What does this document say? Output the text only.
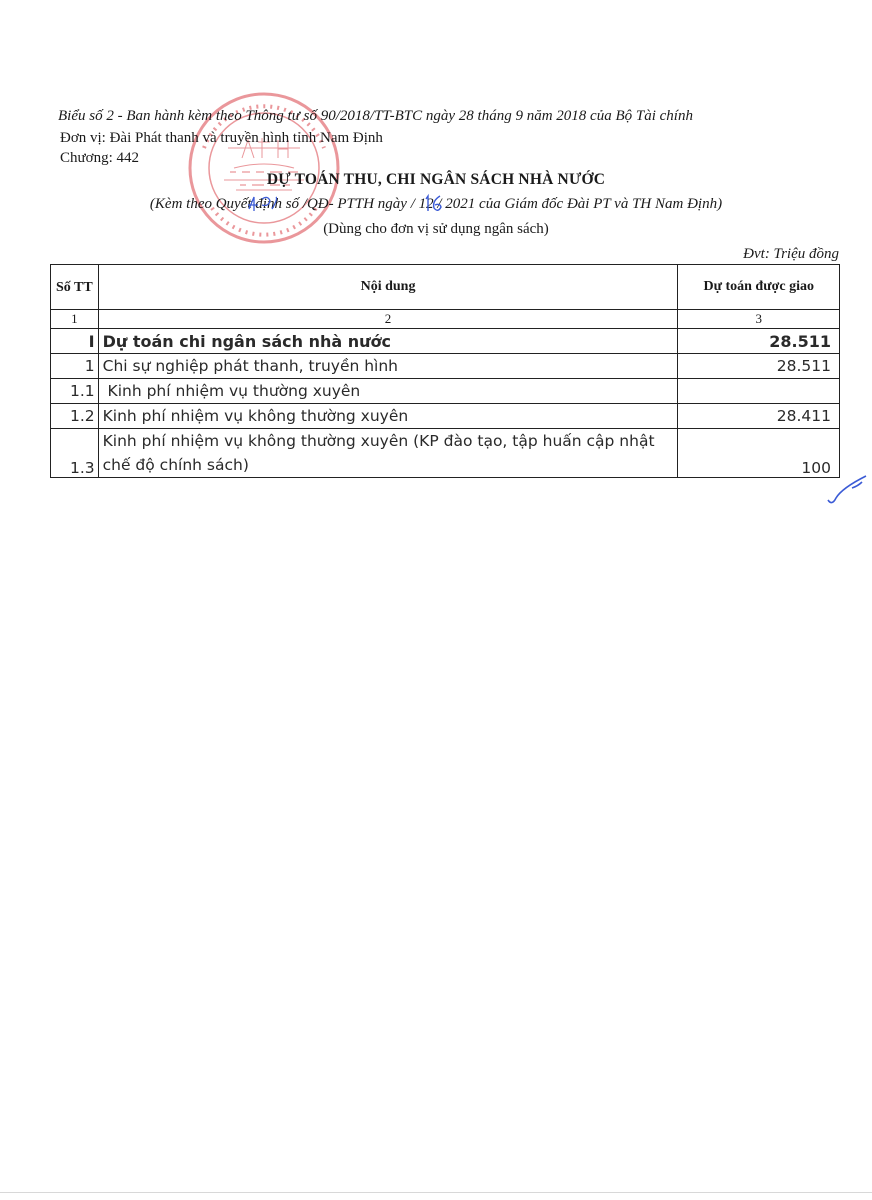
Biểu số 2 - Ban hành kèm theo Thông tư số 90/2018/TT-BTC ngày 28 tháng 9 năm 2018 của Bộ Tài chính
Đơn vị: Đài Phát thanh và truyền hình tỉnh Nam Định
Chương: 442
DỰ TOÁN THU, CHI NGÂN SÁCH NHÀ NƯỚC
(Kèm theo Quyết định số /QĐ- PTTH ngày / 12 / 2021 của Giám đốc Đài PT và TH Nam Định)
(Dùng cho đơn vị sử dụng ngân sách)
Đvt: Triệu đồng
Số TT	Nội dung	Dự toán được giao
1	2	3
I	Dự toán chi ngân sách nhà nước	28.511
1	Chi sự nghiệp phát thanh, truyền hình	28.511
1.1	Kinh phí nhiệm vụ thường xuyên	
1.2	Kinh phí nhiệm vụ không thường xuyên	28.411
1.3	Kinh phí nhiệm vụ không thường xuyên (KP đào tạo, tập huấn cập nhật chế độ chính sách)	100
